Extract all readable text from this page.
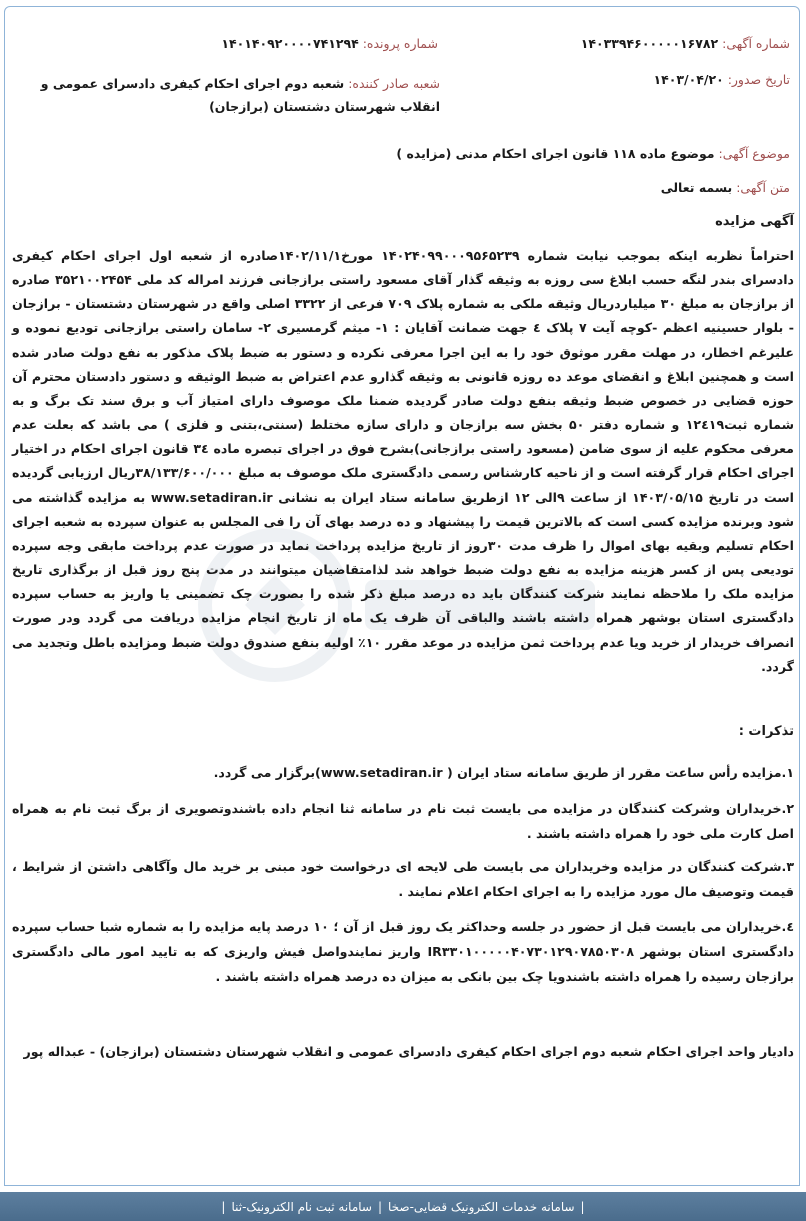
شماره آگهی: ۱۴۰۳۳۹۴۶۰۰۰۰۰۱۶۷۸۲
شماره پرونده: ۱۴۰۱۴۰۹۲۰۰۰۰۷۴۱۲۹۴
تاریخ صدور: ۱۴۰۳/۰۴/۲۰
شعبه صادر کننده: شعبه دوم اجرای احکام کیفری دادسرای عمومی و انقلاب شهرستان دشتستان (برازجان)
موضوع آگهی: موضوع ماده ۱۱۸ قانون اجرای احکام مدنی (مزایده )
متن آگهی: بسمه تعالی
آگهی مزایده
احتراماً نظربه اینکه بموجب نیابت شماره ۱۴۰۲۴۰۹۹۰۰۰۹۵۶۵۲۳۹ مورخ۱۴۰۲/۱۱/۱صادره از شعبه اول اجرای احکام کیفری دادسرای بندر لنگه حسب ابلاغ سی روزه به وثیقه گذار آقای مسعود راستی برازجانی فرزند امراله کد ملی ۳۵۲۱۰۰۲۴۵۴ صادره از برازجان به مبلغ ۳۰ میلیاردریال وثیقه ملکی به شماره پلاک ۷۰۹ فرعی از ۳۳۲۲ اصلی واقع در شهرستان دشتستان - برازجان - بلوار حسینیه اعظم -کوچه آیت ۷ پلاک ٤ جهت ضمانت آقایان : ۱- میثم گرمسیری ۲- سامان راستی برازجانی تودیع نموده و علیرغم اخطار، در مهلت مقرر موثوق خود را به این اجرا معرفی نکرده و دستور به ضبط پلاک مذکور به نفع دولت صادر شده است و همچنین ابلاغ و انقضای موعد ده روزه قانونی به وثیقه گذارو عدم اعتراض به ضبط الوثیقه و دستور دادستان محترم آن حوزه قضایی در خصوص ضبط وثیقه بنفع دولت صادر گردیده ضمنا ملک موصوف دارای امتیاز آب و برق سند تک برگ و به شماره ثبت۱۲٤۱۹ و شماره دفتر ۵۰ بخش سه برازجان و دارای سازه مختلط (سنتی،بتنی و فلزی ) می باشد که بعلت عدم معرفی محکوم علیه از سوی ضامن (مسعود راستی برازجانی)بشرح فوق در اجرای تبصره ماده ۳٤ قانون اجرای احکام در اختیار اجرای احکام قرار گرفته است و از ناحیه کارشناس رسمی دادگستری ملک موصوف به مبلغ ۳۸/۱۳۳/۶۰۰/۰۰۰ریال ارزیابی گردیده است در تاریخ ۱۴۰۳/۰۵/۱۵ از ساعت ۹الی ۱۲ ازطریق سامانه ستاد ایران به نشانی www.setadiran.ir به مزایده گذاشته می شود وبرنده مزایده کسی است که بالاترین قیمت را پیشنهاد و ده درصد بهای آن را فی المجلس به عنوان سپرده به شعبه اجرای احکام تسلیم وبقیه بهای اموال را ظرف مدت ۳۰روز از تاریخ مزایده پرداخت نماید در صورت عدم پرداخت مابقی وجه سپرده تودیعی پس از کسر هزینه مزایده به نفع دولت ضبط خواهد شد لذامتقاضیان میتوانند در مدت پنج روز قبل از برگذاری تاریخ مزایده ملک را ملاحظه نمایند شرکت کنندگان باید ده درصد مبلغ ذکر شده را بصورت چک تضمینی یا واریز به حساب سپرده دادگستری استان بوشهر همراه داشته باشند والباقی آن ظرف یک ماه از تاریخ انجام مزایده دریافت می گردد ودر صورت انصراف خریدار از خرید ویا عدم پرداخت ثمن مزایده در موعد مقرر ۱۰٪ اولیه بنفع صندوق دولت ضبط ومزایده باطل وتجدید می گردد.
تذکرات :
۱.مزایده رأس ساعت مقرر از طریق سامانه ستاد ایران ( www.setadiran.ir)برگزار می گردد.
۲.خریداران وشرکت کنندگان در مزایده می بایست ثبت نام در سامانه ثنا انجام داده باشندوتصویری از برگ ثبت نام به همراه اصل کارت ملی خود را همراه داشته باشند .
۳.شرکت کنندگان در مزایده وخریداران می بایست طی لایحه ای درخواست خود مبنی بر خرید مال وآگاهی داشتن از شرایط ، قیمت وتوصیف مال مورد مزایده را به اجرای احکام اعلام نمایند .
٤.خریداران می بایست قبل از حضور در جلسه وحداکثر یک روز قبل از آن ؛ ۱۰ درصد پایه مزایده را به شماره شبا حساب سپرده دادگستری استان بوشهر IR۳۳۰۱۰۰۰۰۰۴۰۷۳۰۱۲۹۰۷۸۵۰۳۰۸ واریز نمایندواصل فیش واریزی که به تایید امور مالی دادگستری برازجان رسیده را همراه داشته باشندویا چک بین بانکی به میزان ده درصد همراه داشته باشند .
دادیار واحد اجرای احکام شعبه دوم اجرای احکام کیفری دادسرای عمومی و انقلاب شهرستان دشتستان (برازجان) - عبداله پور
|
سامانه خدمات الکترونیک قضایی-صخا
|
سامانه ثبت نام الکترونیک-ثنا
|
